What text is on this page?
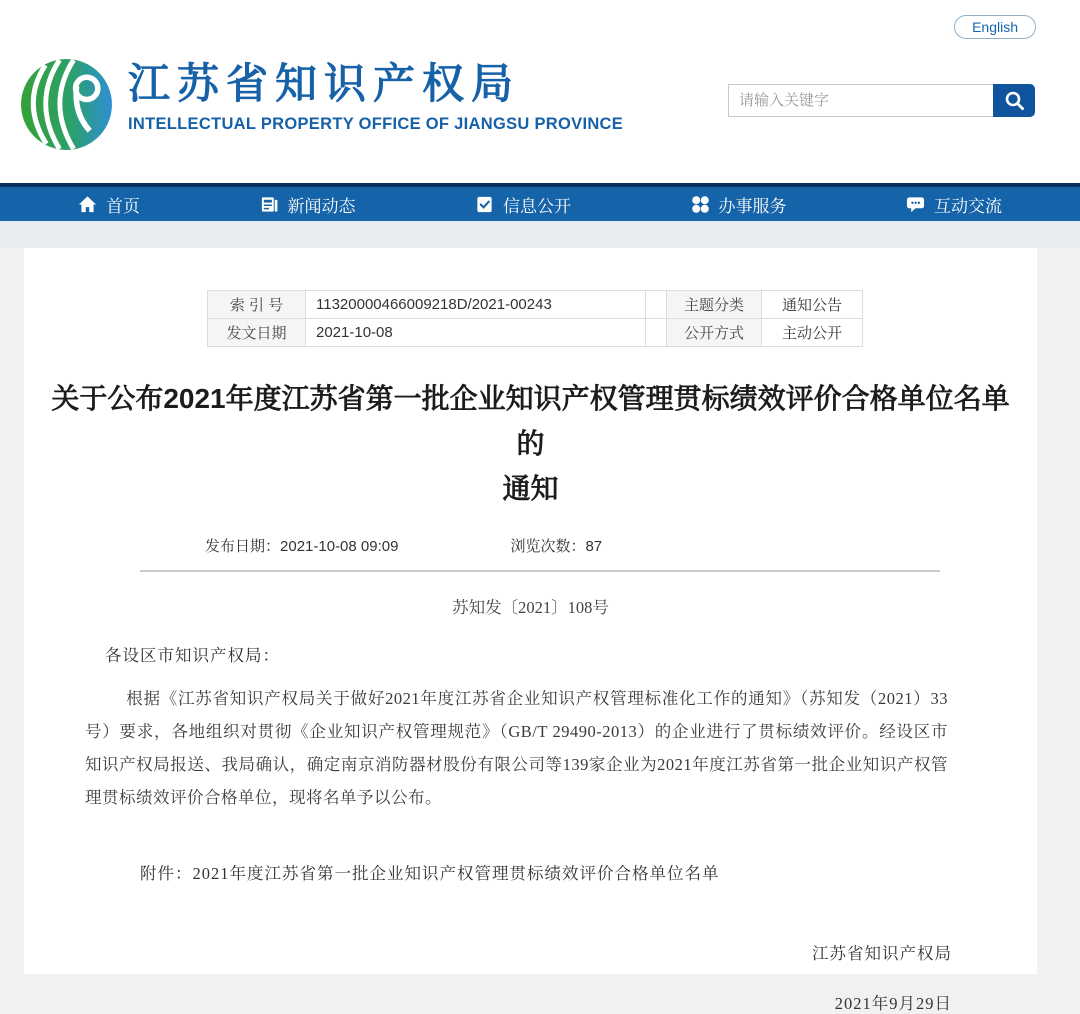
English
江苏省知识产权局
INTELLECTUAL PROPERTY OFFICE OF JIANGSU PROVINCE
请输入关键字
首页	新闻动态	信息公开	办事服务	互动交流
索 引 号	11320000466009218D/2021-00243		主题分类	通知公告
发文日期	2021-10-08		公开方式	主动公开
关于公布2021年度江苏省第一批企业知识产权管理贯标绩效评价合格单位名单的
通知
发布日期：2021-10-08 09:09	浏览次数：87
苏知发〔2021〕108号
各设区市知识产权局：

根据《江苏省知识产权局关于做好2021年度江苏省企业知识产权管理标准化工作的通知》（苏知发（2021）33号）要求，各地组织对贯彻《企业知识产权管理规范》（GB/T 29490-2013）的企业进行了贯标绩效评价。经设区市知识产权局报送、我局确认，确定南京消防器材股份有限公司等139家企业为2021年度江苏省第一批企业知识产权管理贯标绩效评价合格单位，现将名单予以公布。

附件：2021年度江苏省第一批企业知识产权管理贯标绩效评价合格单位名单
江苏省知识产权局
2021年9月29日
